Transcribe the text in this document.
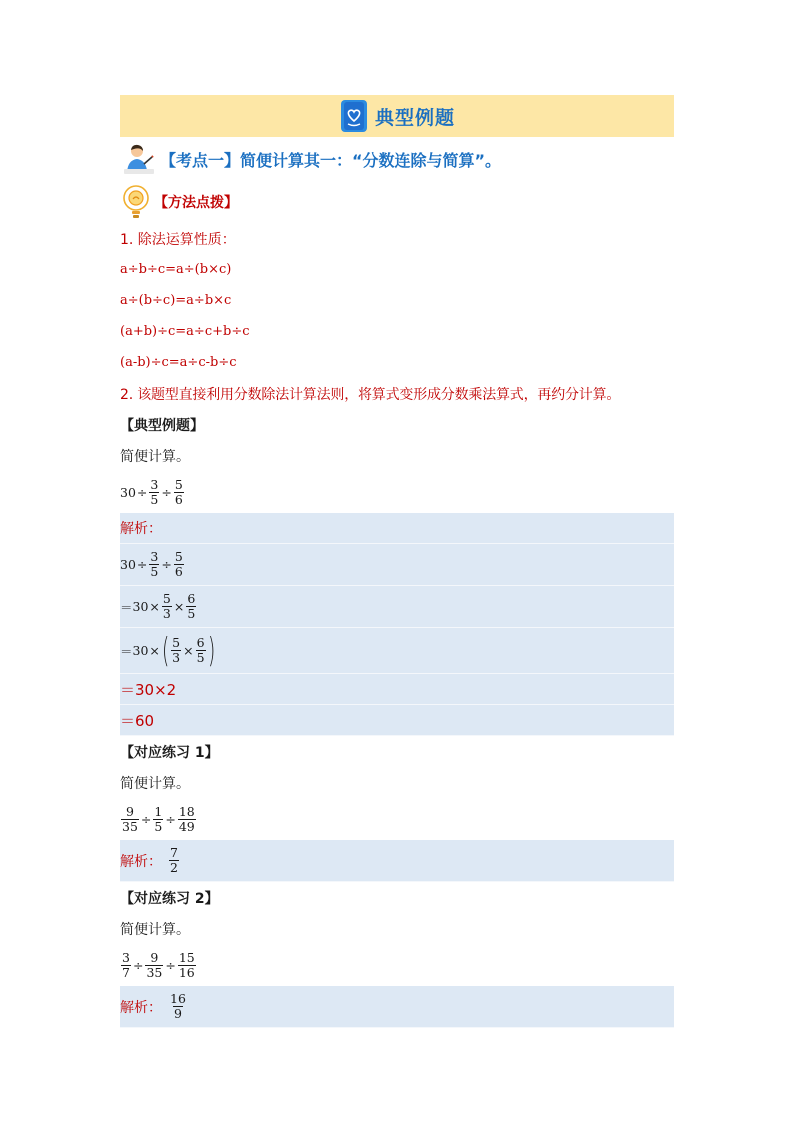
典型例题
【考点一】简便计算其一：“分数连除与简算”。
【方法点拨】
1. 除法运算性质：
a÷b÷c=a÷(b×c)
a÷(b÷c)=a÷b×c
(a+b)÷c=a÷c+b÷c
(a-b)÷c=a÷c-b÷c
2. 该题型直接利用分数除法计算法则，将算式变形成分数乘法算式，再约分计算。
【典型例题】
简便计算。
$30 \div \frac{3}{5} \div \frac{5}{6}$
解析：
$30 \div \frac{3}{5} \div \frac{5}{6}$
＝ $30 \times \frac{5}{3} \times \frac{6}{5}$
＝ 30 × ( $\frac{5}{3} \times \frac{6}{5}$ )
＝30×2
＝60
【对应练习 1】
简便计算。
$\frac{9}{35} \div \frac{1}{5} \div \frac{18}{49}$
解析： $\frac{7}{2}$
【对应练习 2】
简便计算。
$\frac{3}{7} \div \frac{9}{35} \div \frac{15}{16}$
解析： $\frac{16}{9}$
